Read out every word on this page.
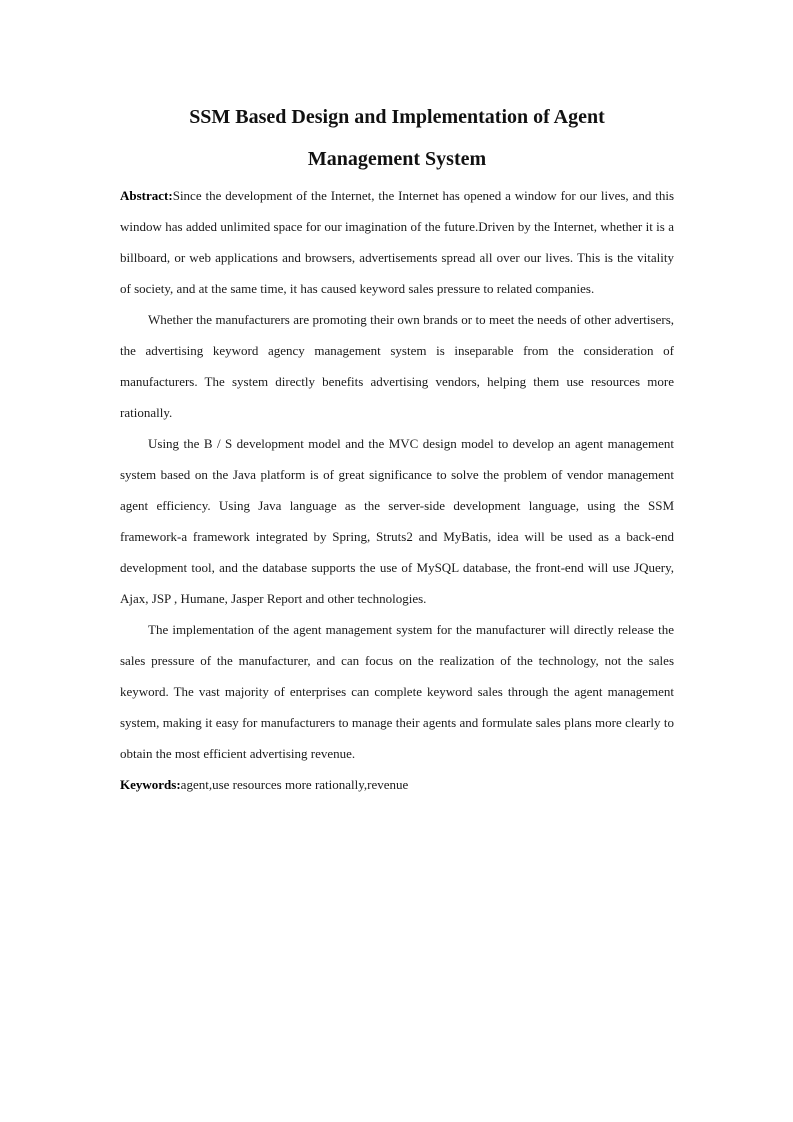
SSM Based Design and Implementation of Agent
Management System

Abstract:Since the development of the Internet, the Internet has opened a window for our lives, and this window has added unlimited space for our imagination of the future.Driven by the Internet, whether it is a billboard, or web applications and browsers, advertisements spread all over our lives. This is the vitality of society, and at the same time, it has caused keyword sales pressure to related companies.

Whether the manufacturers are promoting their own brands or to meet the needs of other advertisers, the advertising keyword agency management system is inseparable from the consideration of manufacturers. The system directly benefits advertising vendors, helping them use resources more rationally.

Using the B / S development model and the MVC design model to develop an agent management system based on the Java platform is of great significance to solve the problem of vendor management agent efficiency. Using Java language as the server-side development language, using the SSM framework-a framework integrated by Spring, Struts2 and MyBatis, idea will be used as a back-end development tool, and the database supports the use of MySQL database, the front-end will use JQuery, Ajax, JSP , Humane, Jasper Report and other technologies.

The implementation of the agent management system for the manufacturer will directly release the sales pressure of the manufacturer, and can focus on the realization of the technology, not the sales keyword. The vast majority of enterprises can complete keyword sales through the agent management system, making it easy for manufacturers to manage their agents and formulate sales plans more clearly to obtain the most efficient advertising revenue.

Keywords:agent,use resources more rationally,revenue
